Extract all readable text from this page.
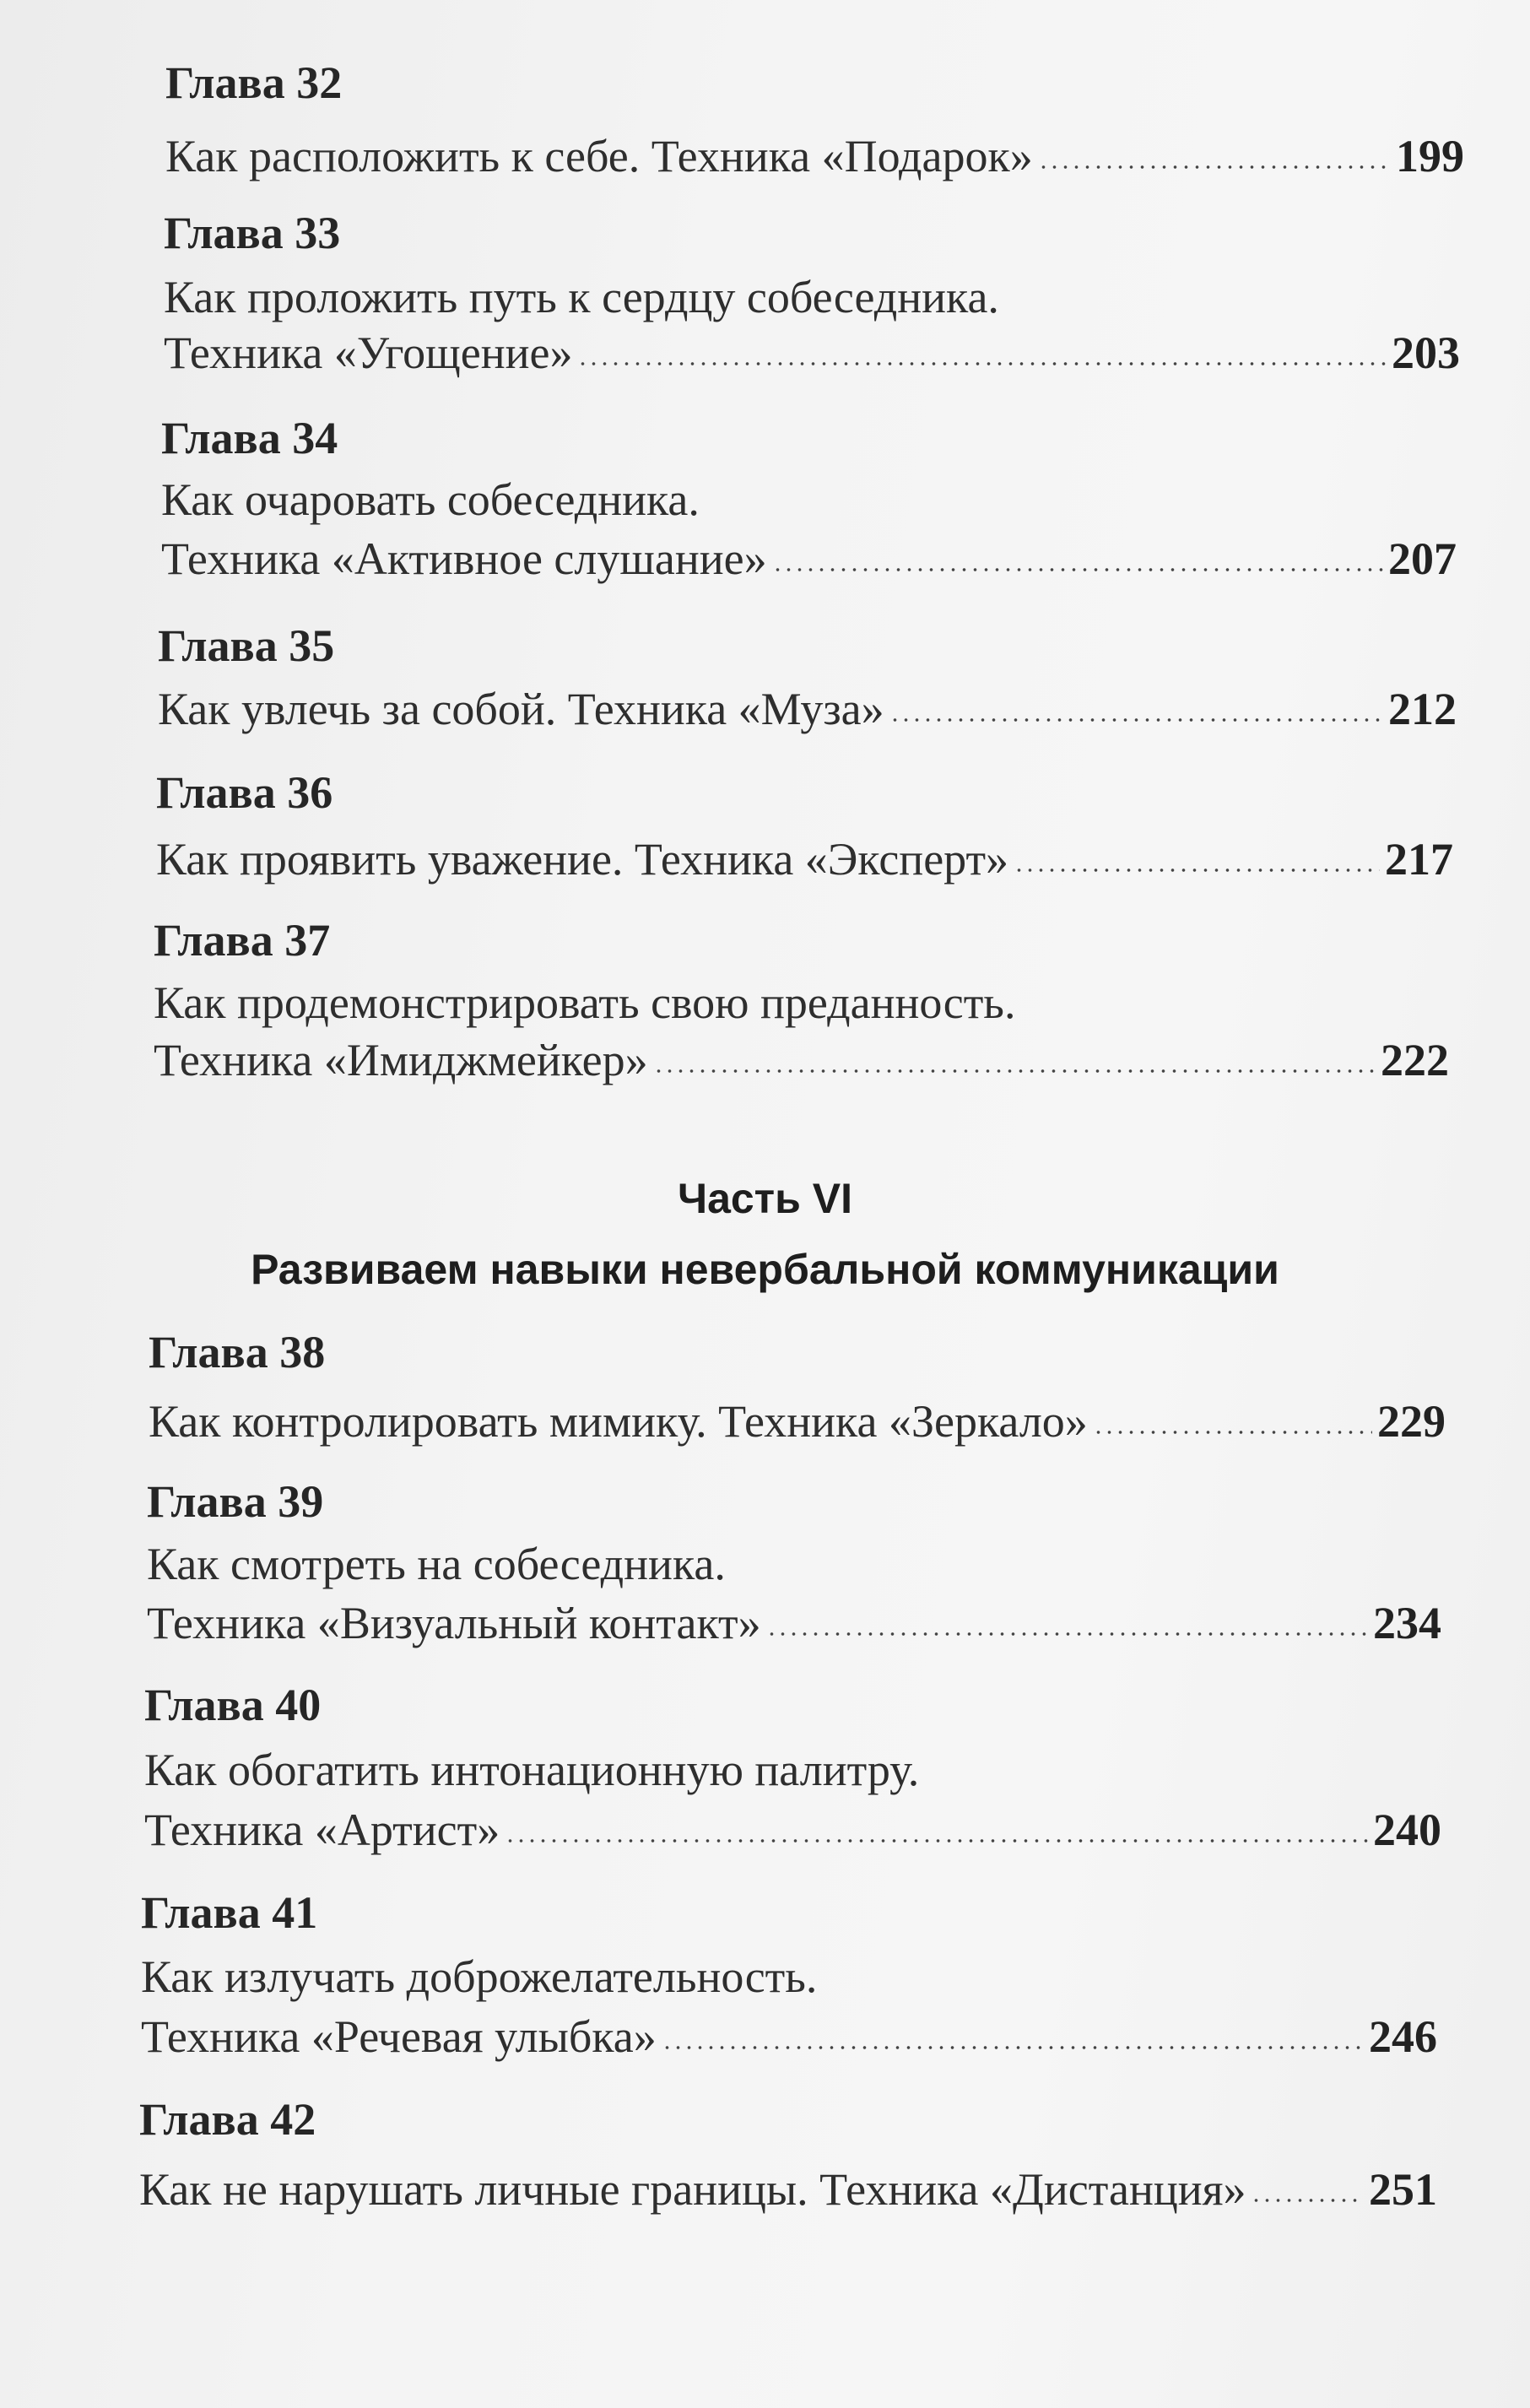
Часть VI
Развиваем навыки невербальной коммуникации
Глава 32
Как расположить к себе. Техника «Подарок»	199
Глава 33
Как проложить путь к сердцу собеседника.
Техника «Угощение»	203
Глава 34
Как очаровать собеседника.
Техника «Активное слушание»	207
Глава 35
Как увлечь за собой. Техника «Муза»	212
Глава 36
Как проявить уважение. Техника «Эксперт»	217
Глава 37
Как продемонстрировать свою преданность.
Техника «Имиджмейкер»	222
Глава 38
Как контролировать мимику. Техника «Зеркало»	229
Глава 39
Как смотреть на собеседника.
Техника «Визуальный контакт»	234
Глава 40
Как обогатить интонационную палитру.
Техника «Артист»	240
Глава 41
Как излучать доброжелательность.
Техника «Речевая улыбка»	246
Глава 42
Как не нарушать личные границы. Техника «Дистанция»	251
